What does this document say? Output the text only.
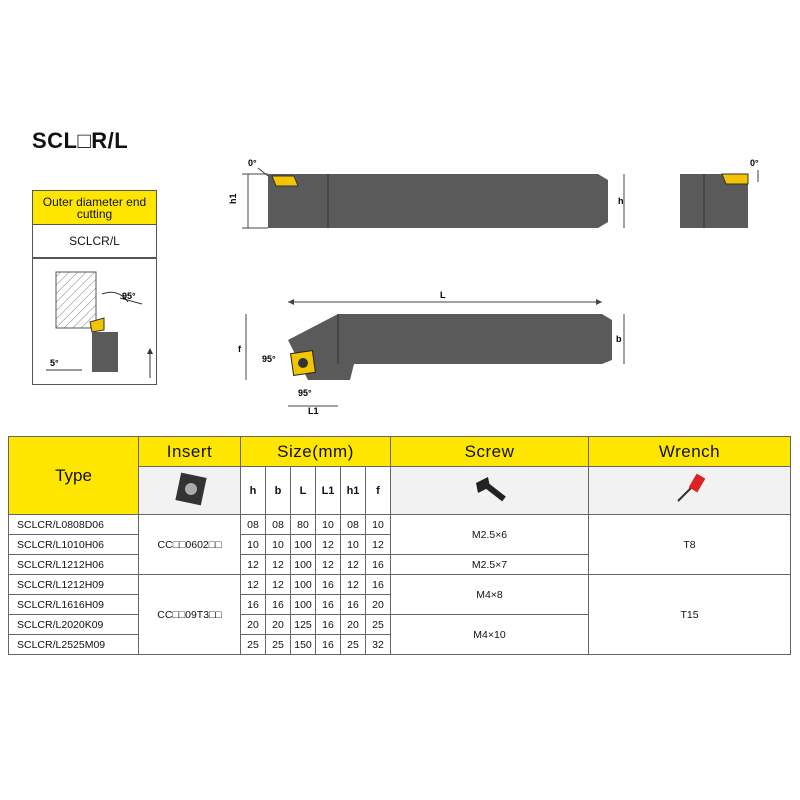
SCL□R/L
Outer diameter end cutting
SCLCR/L
95°
5°
h1	h
0°	0°
L
f
95°
95°
L1
b
Type	Insert	Size(mm)						Screw	Wrench
	h	b	L	L1	h1	f		
SCLCR/L0808D06	CC□□0602□□	08	08	80	10	08	10	M2.5×6	T8
SCLCR/L1010H06		10	10	100	12	10	12		
SCLCR/L1212H06		12	12	100	12	12	16	M2.5×7	
SCLCR/L1212H09	CC□□09T3□□	12	12	100	16	12	16	M4×8	T15
SCLCR/L1616H09		16	16	100	16	16	20		
SCLCR/L2020K09		20	20	125	16	20	25	M4×10	
SCLCR/L2525M09		25	25	150	16	25	32		
